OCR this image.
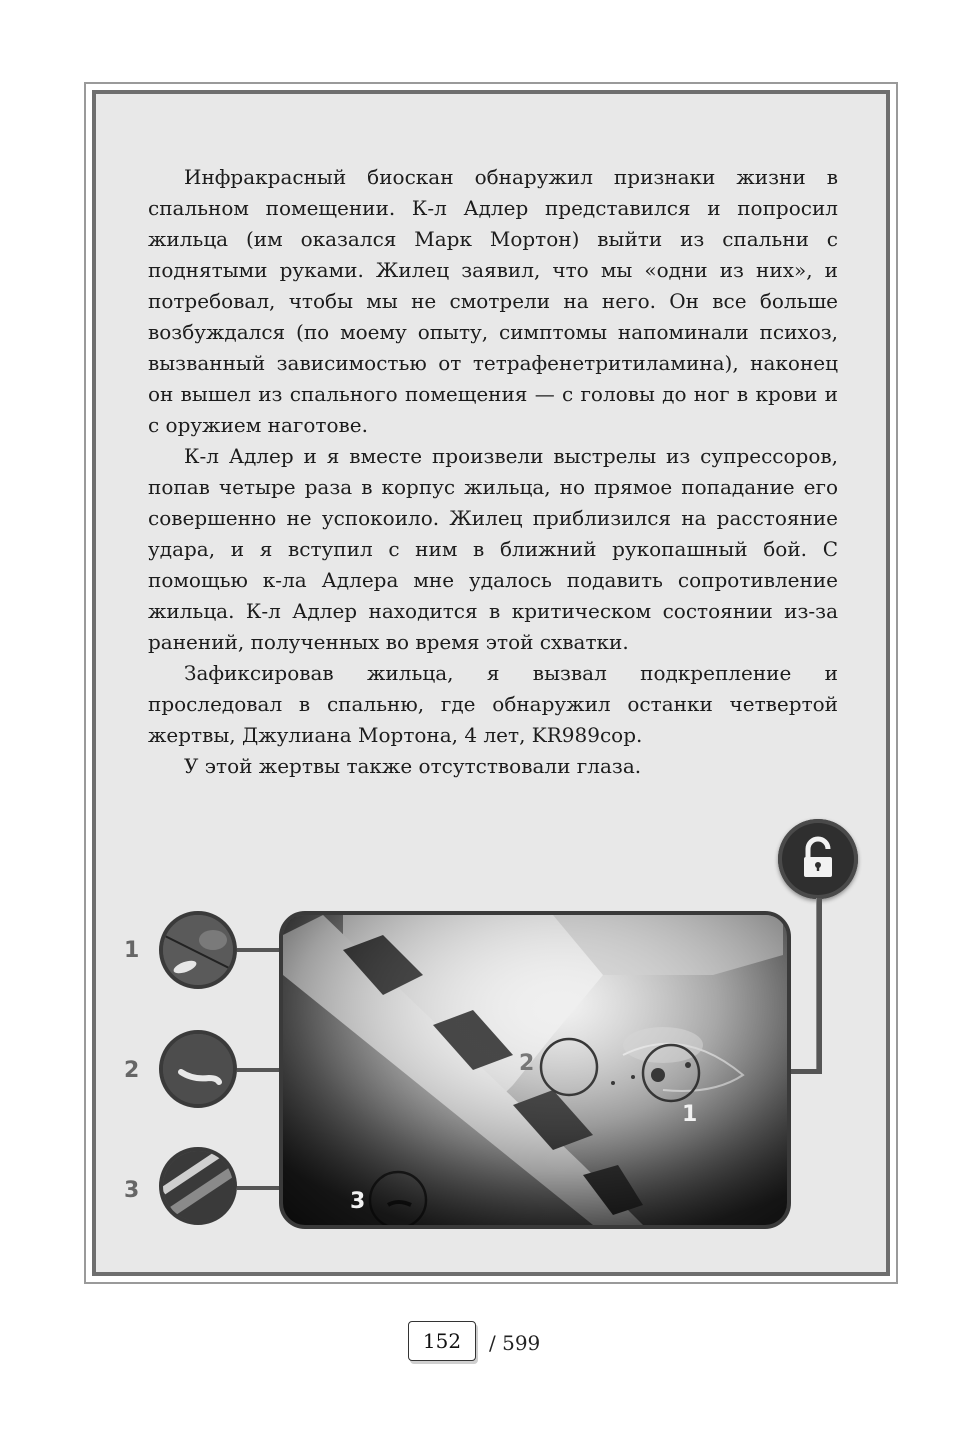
Инфракрасный биоскан обнаружил признаки жизни в спальном помещении. К-л Адлер представился и попросил жильца (им оказался Марк Мортон) выйти из спальни с поднятыми руками. Жилец заявил, что мы «одни из них», и потребовал, чтобы мы не смотрели на него. Он все больше возбуждался (по моему опыту, симптомы напоминали психоз, вызванный зависимостью от тетрафенетритиламина), наконец он вышел из спального помещения — с головы до ног в крови и с оружием наготове.

К-л Адлер и я вместе произвели выстрелы из супрессоров, попав четыре раза в корпус жильца, но прямое попадание его совершенно не успокоило. Жилец приблизился на расстояние удара, и я вступил с ним в ближний рукопашный бой. С помощью к-ла Адлера мне удалось подавить сопротивление жильца. К-л Адлер находится в критическом состоянии из-за ранений, полученных во время этой схватки.

Зафиксировав жильца, я вызвал подкрепление и проследовал в спальню, где обнаружил останки четвертой жертвы, Джулиана Мортона, 4 лет, KR989cop.

У этой жертвы также отсутствовали глаза.

1
2
3
2
1
3
152 / 599
